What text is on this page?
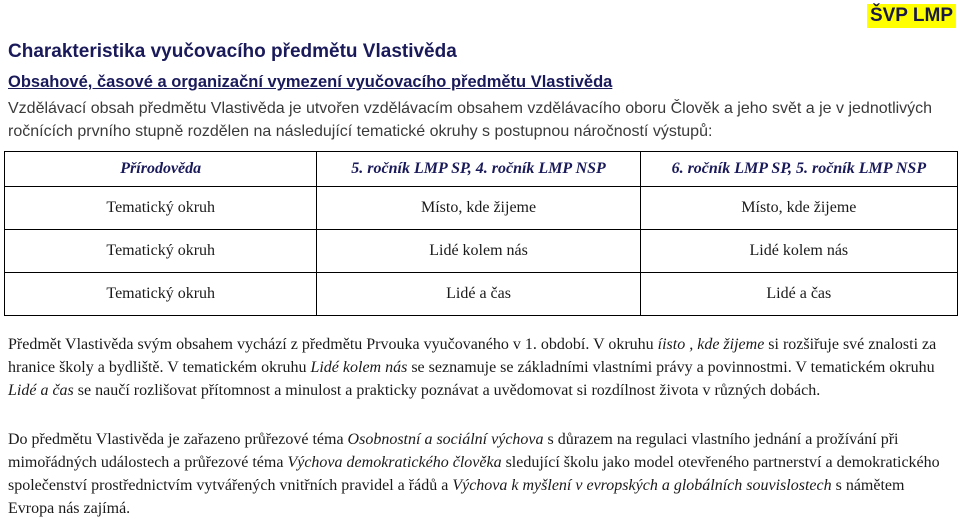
ŠVP LMP
Charakteristika vyučovacího předmětu Vlastivěda
Obsahové, časové a organizační vymezení vyučovacího předmětu Vlastivěda

Vzdělávací obsah předmětu Vlastivěda je utvořen vzdělávacím obsahem vzdělávacího oboru Člověk a jeho svět a je v jednotlivých ročnících prvního stupně rozdělen na následující tematické okruhy s postupnou náročností výstupů:

Přírodověda	5. ročník LMP SP, 4. ročník LMP NSP	6. ročník LMP SP, 5. ročník LMP NSP
Tematický okruh	Místo, kde žijeme	Místo, kde žijeme
Tematický okruh	Lidé kolem nás	Lidé kolem nás
Tematický okruh	Lidé a čas	Lidé a čas

Předmět Vlastivěda svým obsahem vychází z předmětu Prvouka vyučovaného v 1. období. V okruhu íisto , kde žijeme si rozšiřuje své znalosti za hranice školy a bydliště. V tematickém okruhu Lidé kolem nás se seznamuje se základními vlastními právy a povinnostmi. V tematickém okruhu Lidé a čas se naučí rozlišovat přítomnost a minulost a prakticky poznávat a uvědomovat si rozdílnost života v různých dobách.

Do předmětu Vlastivěda je zařazeno průřezové téma Osobnostní a sociální výchova s důrazem na regulaci vlastního jednání a prožívání při mimořádných událostech a průřezové téma Výchova demokratického člověka sledující školu jako model otevřeného partnerství a demokratického společenství prostřednictvím vytvářených vnitřních pravidel a řádů a Výchova k myšlení v evropských a globálních souvislostech s námětem Evropa nás zajímá.
